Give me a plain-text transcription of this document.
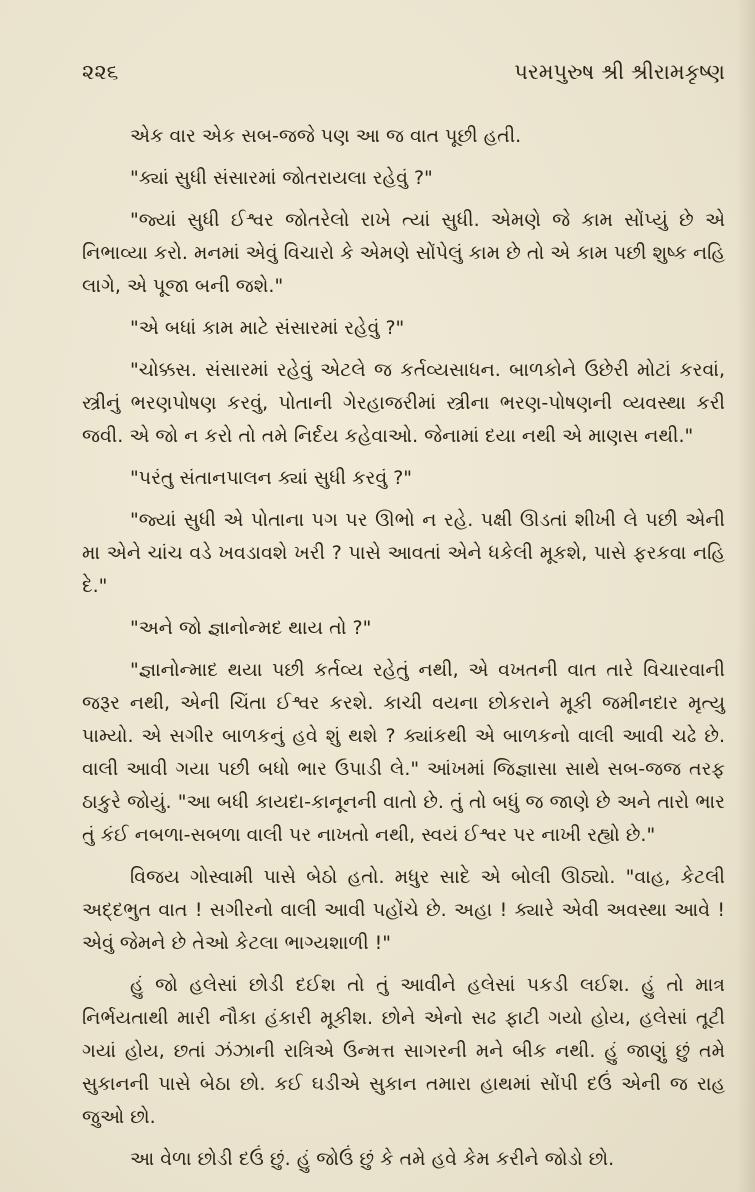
૨૨૬	પરમપુરુષ શ્રી શ્રીરામકૃષ્ણ

એક વાર એક સબ-જજે પણ આ જ વાત પૂછી હતી.

"ક્યાં સુધી સંસારમાં જોતરાયલા રહેવું ?"

"જ્યાં સુધી ઈશ્વર જોતરેલો રાખે ત્યાં સુધી. એમણે જે કામ સોંપ્યું છે એ નિભાવ્યા કરો. મનમાં એવું વિચારો કે એમણે સોંપેલું કામ છે તો એ કામ પછી શુષ્ક નહિ લાગે, એ પૂજા બની જશે."

"એ બધાં કામ માટે સંસારમાં રહેવું ?"

"ચોક્કસ. સંસારમાં રહેવું એટલે જ કર્તવ્યસાધન. બાળકોને ઉછેરી મોટાં કરવાં, સ્ત્રીનું ભરણપોષણ કરવું, પોતાની ગેરહાજરીમાં સ્ત્રીના ભરણ-પોષણની વ્યવસ્થા કરી જવી. એ જો ન કરો તો તમે નિર્દય કહેવાઓ. જેનામાં દયા નથી એ માણસ નથી."

"પરંતુ સંતાનપાલન ક્યાં સુધી કરવું ?"

"જ્યાં સુધી એ પોતાના પગ પર ઊભો ન રહે. પક્ષી ઊડતાં શીખી લે પછી એની મા એને ચાંચ વડે ખવડાવશે ખરી ? પાસે આવતાં એને ધકેલી મૂકશે, પાસે ફરકવા નહિ દે."

"અને જો જ્ઞાનોન્મદ થાય તો ?"

"જ્ઞાનોન્માદ થયા પછી કર્તવ્ય રહેતું નથી, એ વખતની વાત તારે વિચારવાની જરૂર નથી, એની ચિંતા ઈશ્વર કરશે. કાચી વયના છોકરાને મૂકી જમીનદાર મૃત્યુ પામ્યો. એ સગીર બાળકનું હવે શું થશે ? ક્યાંકથી એ બાળકનો વાલી આવી ચઢે છે. વાલી આવી ગયા પછી બધો ભાર ઉપાડી લે." આંખમાં જિજ્ઞાસા સાથે સબ-જજ તરફ ઠાકુરે જોયું. "આ બધી કાયદા-કાનૂનની વાતો છે. તું તો બધું જ જાણે છે અને તારો ભાર તું કંઈ નબળા-સબળા વાલી પર નાખતો નથી, સ્વયં ઈશ્વર પર નાખી રહ્યો છે."

વિજય ગોસ્વામી પાસે બેઠો હતો. મધુર સાદે એ બોલી ઊઠ્યો. "વાહ, કેટલી અદ્દભુત વાત ! સગીરનો વાલી આવી પહોંચે છે. અહા ! ક્યારે એવી અવસ્થા આવે ! એવું જેમને છે તેઓ કેટલા ભાગ્યશાળી !"

હું જો હલેસાં છોડી દઈશ તો તું આવીને હલેસાં પકડી લઈશ. હું તો માત્ર નિર્ભયતાથી મારી નૌકા હંકારી મૂકીશ. છોને એનો સઢ ફાટી ગયો હોય, હલેસાં તૂટી ગયાં હોય, છતાં ઝંઝાની રાત્રિએ ઉન્મત્ત સાગરની મને બીક નથી. હું જાણું છું તમે સુકાનની પાસે બેઠા છો. કઈ ઘડીએ સુકાન તમારા હાથમાં સોંપી દઉં એની જ રાહ જુઓ છો.

આ વેળા છોડી દઉં છું. હું જોઉં છું કે તમે હવે કેમ કરીને જોડો છો.
